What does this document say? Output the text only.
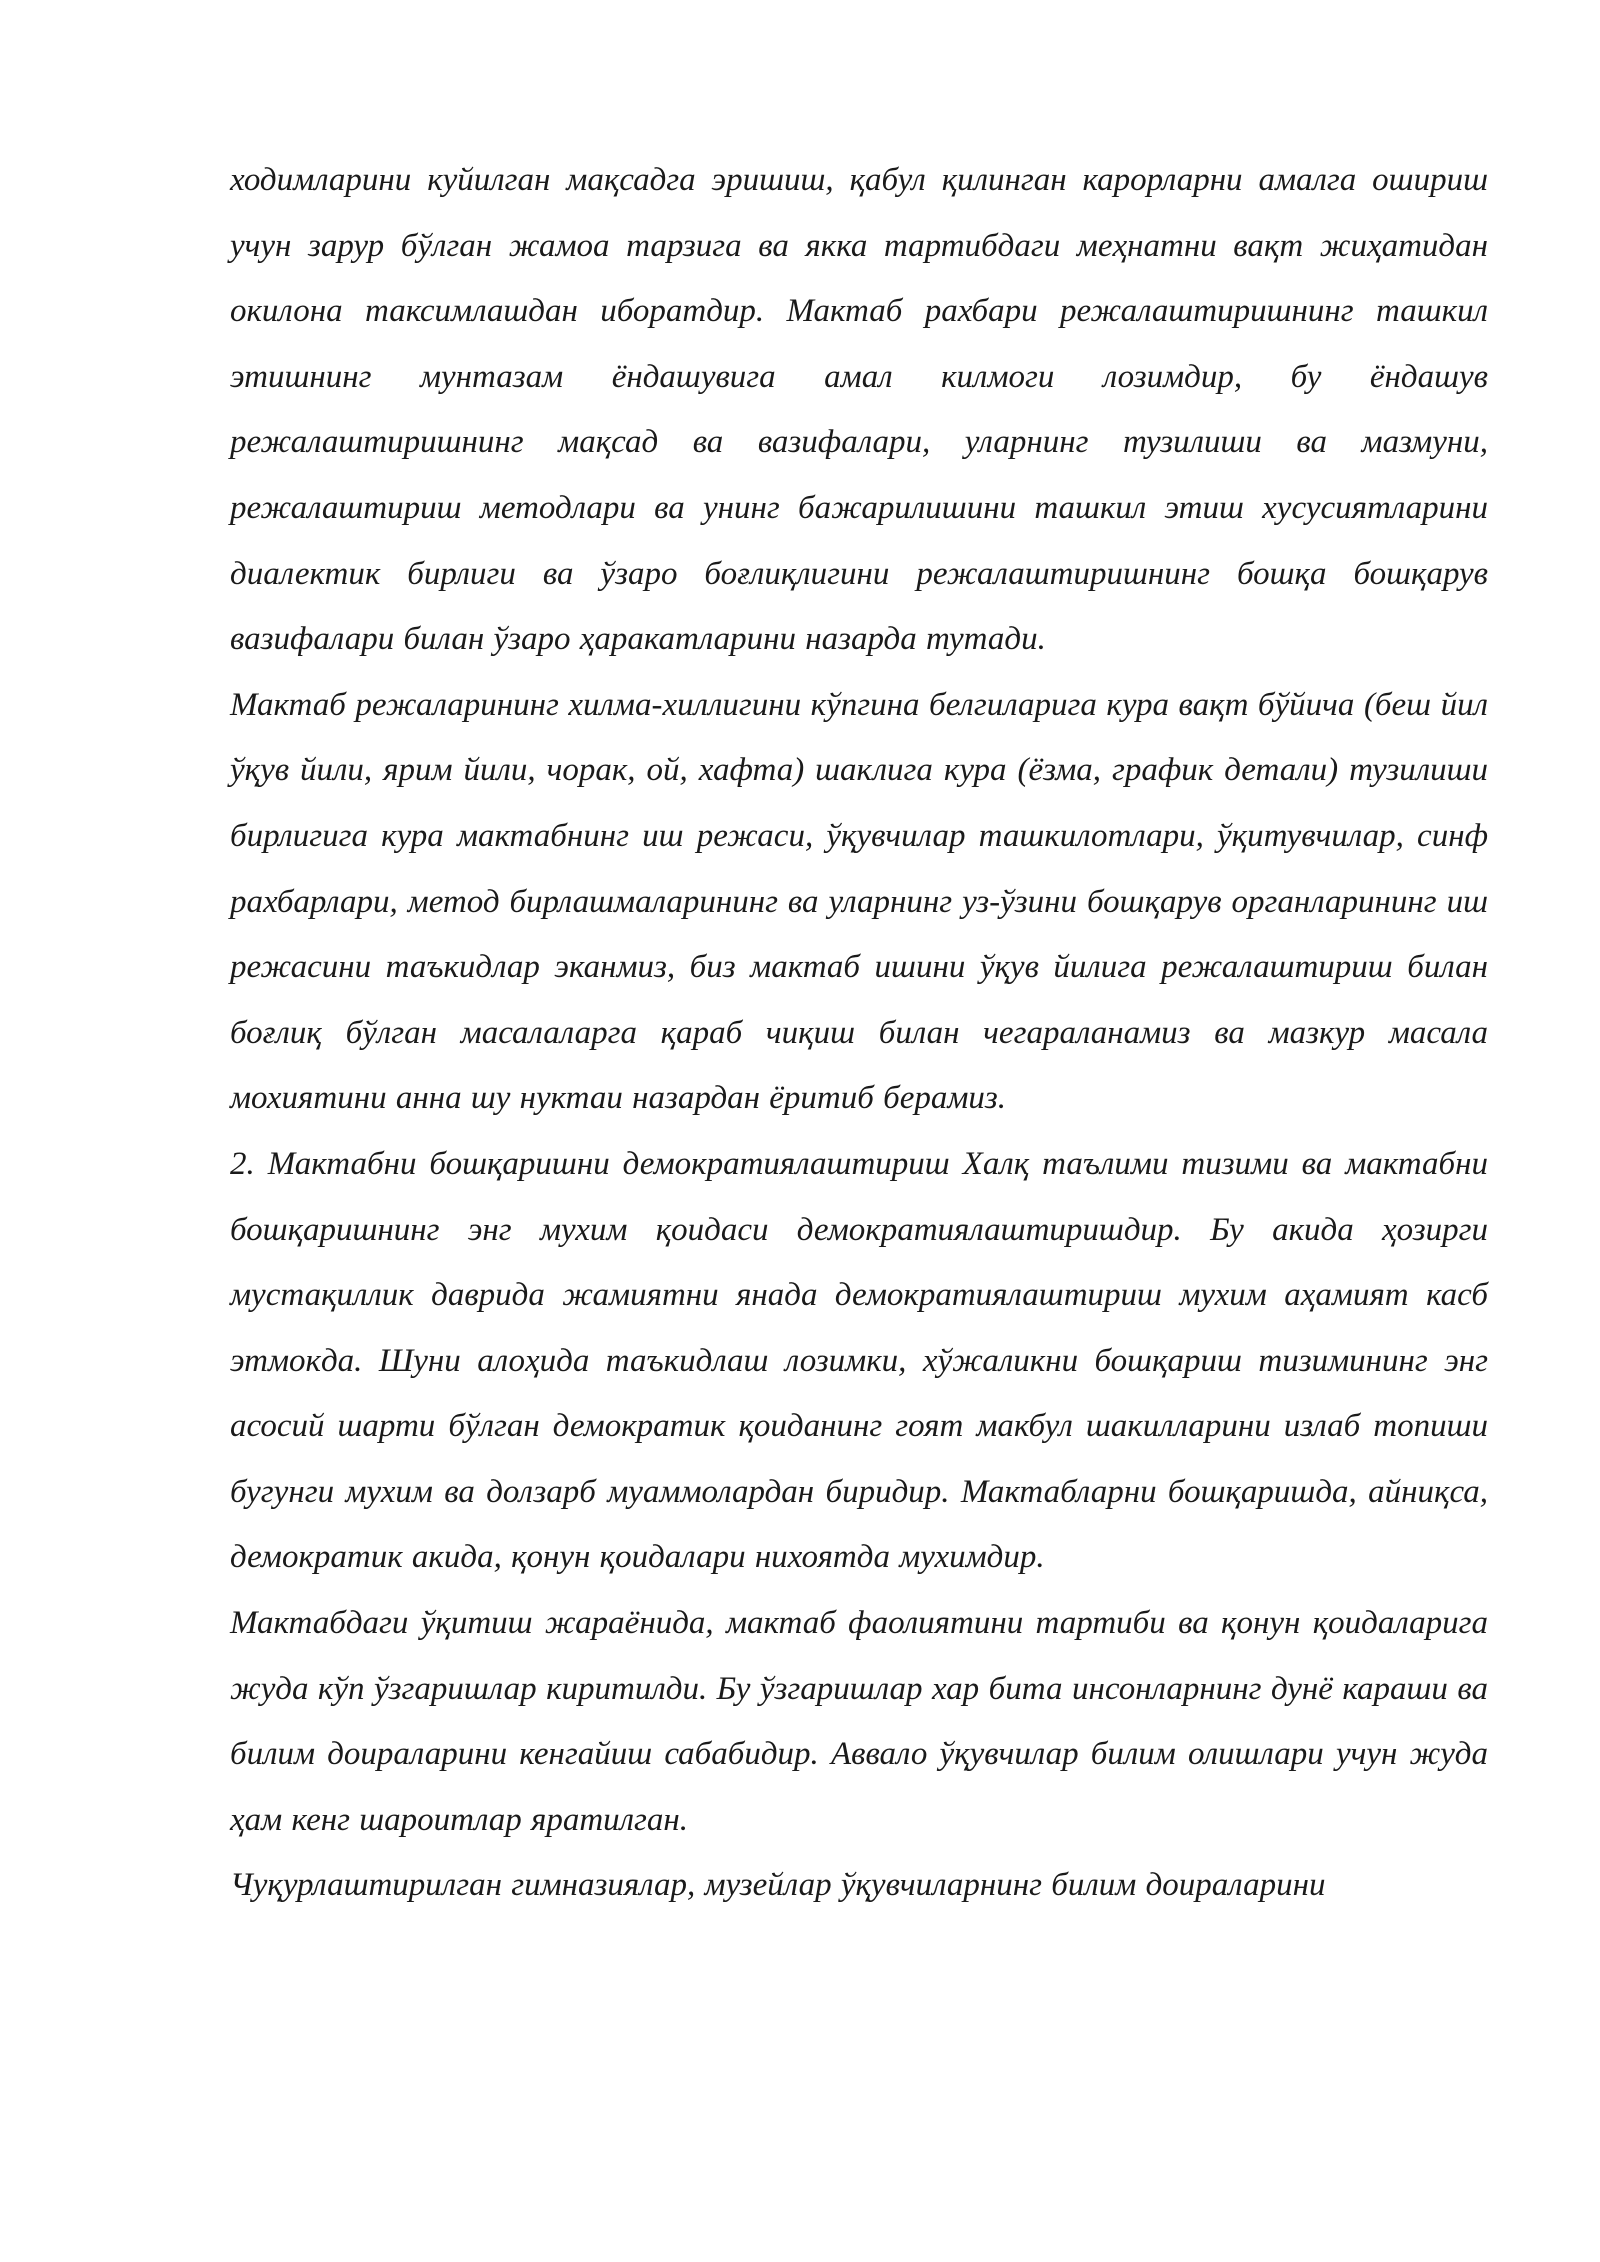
ходимларини куйилган мақсадга эришиш, қабул қилинган карорларни амалга ошириш учун зарур бўлган жамоа тарзига ва якка тартибдаги меҳнатни вақт жиҳатидан окилона таксимлашдан иборатдир. Мактаб рахбари режалаштиришнинг ташкил этишнинг мунтазам ёндашувига амал килмоги лозимдир, бу ёндашув режалаштиришнинг мақсад ва вазифалари, уларнинг тузилиши ва мазмуни, режалаштириш методлари ва унинг бажарилишини ташкил этиш хусусиятларини диалектик бирлиги ва ўзаро боғлиқлигини режалаштиришнинг бошқа бошқарув вазифалари билан ўзаро ҳаракатларини назарда тутади.

Мактаб режаларининг хилма-хиллигини кўпгина белгиларига кура вақт бўйича (беш йил ўқув йили, ярим йили, чорак, ой, хафта) шаклига кура (ёзма, график детали) тузилиши бирлигига кура мактабнинг иш режаси, ўқувчилар ташкилотлари, ўқитувчилар, синф рахбарлари, метод бирлашмаларининг ва уларнинг уз-ўзини бошқарув органларининг иш режасини таъкидлар эканмиз, биз мактаб ишини ўқув йилига режалаштириш билан боғлиқ бўлган масалаларга қараб чиқиш билан чегараланамиз ва мазкур масала мохиятини анна шу нуктаи назардан ёритиб берамиз.

2. Мактабни бошқаришни демократиялаштириш Халқ таълими тизими ва мактабни бошқаришнинг энг мухим қоидаси демократиялаштиришдир. Бу акида ҳозирги мустақиллик даврида жамиятни янада демократиялаштириш мухим аҳамият касб этмокда. Шуни алоҳида таъкидлаш лозимки, хўжаликни бошқариш тизимининг энг асосий шарти бўлган демократик қоиданинг гоят макбул шакилларини излаб топиши бугунги мухим ва долзарб муаммолардан биридир. Мактабларни бошқаришда, айниқса, демократик акида, қонун қоидалари нихоятда мухимдир.

Мактабдаги ўқитиш жараёнида, мактаб фаолиятини тартиби ва қонун қоидаларига жуда кўп ўзгаришлар киритилди. Бу ўзгаришлар хар бита инсонларнинг дунё караши ва билим доираларини кенгайиш сабабидир. Аввало ўқувчилар билим олишлари учун жуда ҳам кенг шароитлар яратилган.

Чуқурлаштирилган гимназиялар, музейлар ўқувчиларнинг билим доираларини
